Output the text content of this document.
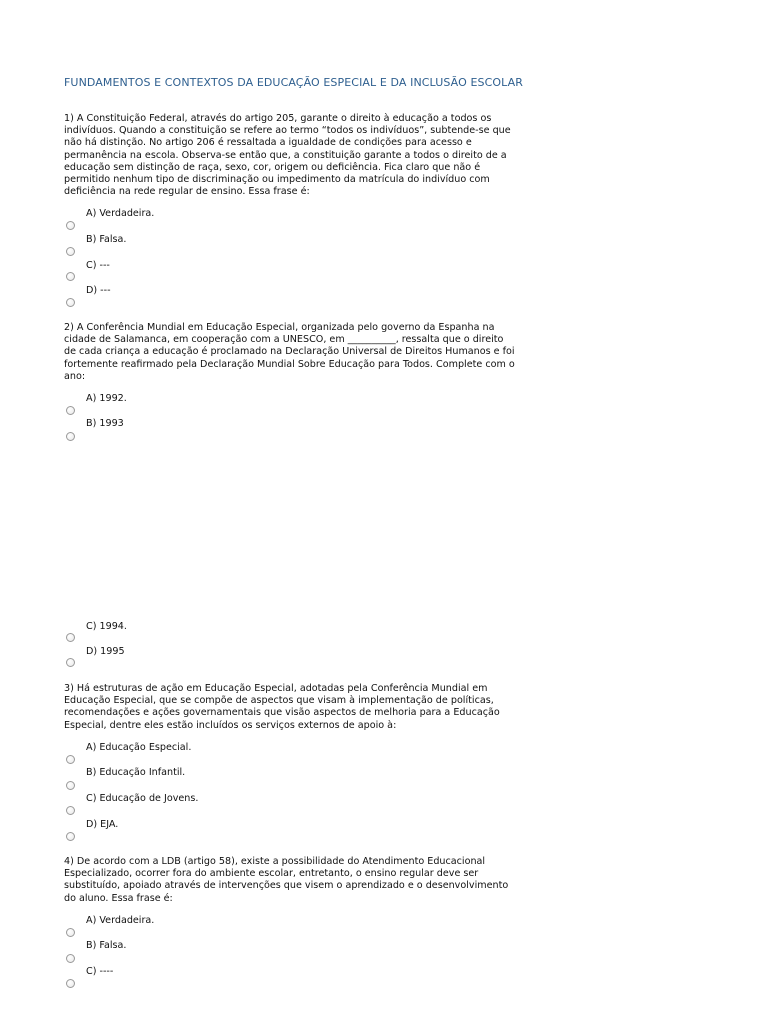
FUNDAMENTOS E CONTEXTOS DA EDUCAÇÃO ESPECIAL E DA INCLUSÃO ESCOLAR

1) A Constituição Federal, através do artigo 205, garante o direito à educação a todos os

indivíduos. Quando a constituição se refere ao termo “todos os indivíduos”, subtende-se que

não há distinção. No artigo 206 é ressaltada a igualdade de condições para acesso e

permanência na escola. Observa-se então que, a constituição garante a todos o direito de a

educação sem distinção de raça, sexo, cor, origem ou deficiência. Fica claro que não é

permitido nenhum tipo de discriminação ou impedimento da matrícula do indivíduo com

deficiência na rede regular de ensino. Essa frase é:

A) Verdadeira.
B) Falsa.
C) ---
D) ---

2) A Conferência Mundial em Educação Especial, organizada pelo governo da Espanha na

cidade de Salamanca, em cooperação com a UNESCO, em __________, ressalta que o direito

de cada criança a educação é proclamado na Declaração Universal de Direitos Humanos e foi

fortemente reafirmado pela Declaração Mundial Sobre Educação para Todos. Complete com o

ano:

A) 1992.
B) 1993
C) 1994.
D) 1995

3) Há estruturas de ação em Educação Especial, adotadas pela Conferência Mundial em

Educação Especial, que se compõe de aspectos que visam à implementação de políticas,

recomendações e ações governamentais que visão aspectos de melhoria para a Educação

Especial, dentre eles estão incluídos os serviços externos de apoio à:

A) Educação Especial.
B) Educação Infantil.
C) Educação de Jovens.
D) EJA.

4) De acordo com a LDB (artigo 58), existe a possibilidade do Atendimento Educacional

Especializado, ocorrer fora do ambiente escolar, entretanto, o ensino regular deve ser

substituído, apoiado através de intervenções que visem o aprendizado e o desenvolvimento

do aluno. Essa frase é:

A) Verdadeira.
B) Falsa.
C) ----
